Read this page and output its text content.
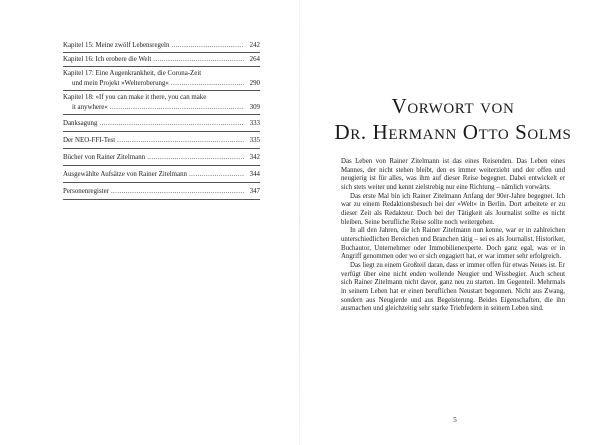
Kapitel 15: Meine zwölf Lebensregeln .....	242
Kapitel 16: Ich erobere die Welt .....	264
Kapitel 17: Eine Augenkrankheit, die Corona-Zeit
und mein Projekt »Welteroberung« .....	290
Kapitel 18: »If you can make it there, you can make
it anywhere« .....	309
Danksagung .....	333
Der NEO-FFI-Test .....	335
Bücher von Rainer Zitelmann .....	342
Ausgewählte Aufsätze von Rainer Zitelmann .....	344
Personenregister .....	347
Vorwort von
Dr. Hermann Otto Solms

Das Leben von Rainer Zitelmann ist das eines Reisenden. Das Leben eines Mannes, der nicht stehen bleibt, den es immer weiterzieht und der offen und neugierig ist für alles, was ihm auf dieser Reise begegnet. Dabei entwickelt er sich stets weiter und kennt zielstrebig nur eine Richtung – nämlich vorwärts.

Das erste Mal bin ich Rainer Zitelmann Anfang der 90er-Jahre begegnet. Ich war zu einem Redaktionsbesuch bei der »Welt« in Berlin. Dort arbeitete er zu dieser Zeit als Redakteur. Doch bei der Tätigkeit als Journalist sollte es nicht bleiben. Seine berufliche Reise sollte noch weitergehen.

In all den Jahren, die ich Rainer Zitelmann nun kenne, war er in zahlreichen unterschiedlichen Bereichen und Branchen tätig – sei es als Journalist, Historiker, Buchautor, Unternehmer oder Immobilienexperte. Doch ganz egal, was er in Angriff genommen oder wo er sich engagiert hat, er war immer sehr erfolgreich.

Das liegt zu einem Großteil daran, dass er immer offen für etwas Neues ist. Er verfügt über eine nicht enden wollende Neugier und Wissbegier. Auch scheut sich Rainer Zitelmann nicht davor, ganz neu zu starten. Im Gegenteil. Mehrmals in seinem Leben hat er einen beruflichen Neustart begonnen. Nicht aus Zwang, sondern aus Neugierde und aus Begeisterung. Beides Eigenschaften, die ihn ausmachen und gleichzeitig sehr starke Triebfedern in seinem Leben sind.

5
